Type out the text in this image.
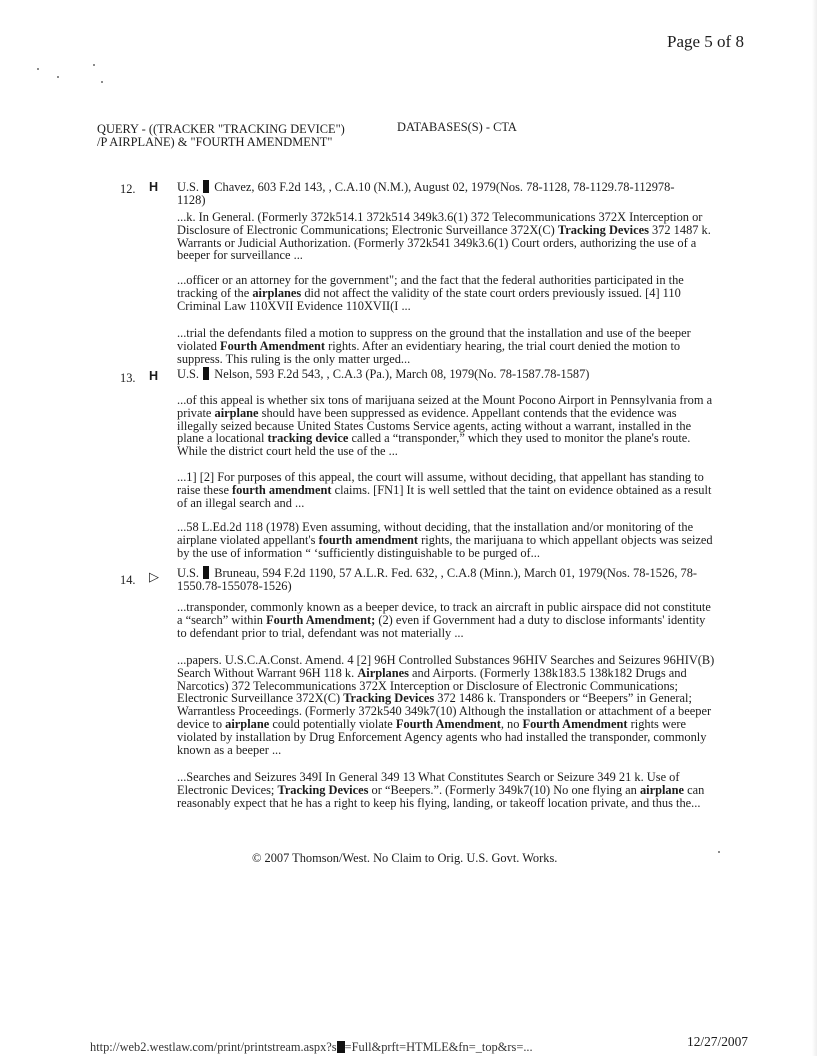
Page 5 of 8
QUERY - ((TRACKER "TRACKING DEVICE") /P AIRPLANE) & "FOURTH AMENDMENT"
DATABASES(S) - CTA
12. H U.S. Chavez, 603 F.2d 143, , C.A.10 (N.M.), August 02, 1979(Nos. 78-1128, 78-1129.78-112978-1128)
...k. In General. (Formerly 372k514.1 372k514 349k3.6(1) 372 Telecommunications 372X Interception or Disclosure of Electronic Communications; Electronic Surveillance 372X(C) Tracking Devices 372 1487 k. Warrants or Judicial Authorization. (Formerly 372k541 349k3.6(1) Court orders, authorizing the use of a beeper for surveillance ...
...officer or an attorney for the government"; and the fact that the federal authorities participated in the tracking of the airplanes did not affect the validity of the state court orders previously issued. [4] 110 Criminal Law 110XVII Evidence 110XVII(I ...
...trial the defendants filed a motion to suppress on the ground that the installation and use of the beeper violated Fourth Amendment rights. After an evidentiary hearing, the trial court denied the motion to suppress. This ruling is the only matter urged...
13. H U.S. Nelson, 593 F.2d 543, , C.A.3 (Pa.), March 08, 1979(No. 78-1587.78-1587)
...of this appeal is whether six tons of marijuana seized at the Mount Pocono Airport in Pennsylvania from a private airplane should have been suppressed as evidence. Appellant contends that the evidence was illegally seized because United States Customs Service agents, acting without a warrant, installed in the plane a locational tracking device called a “transponder,” which they used to monitor the plane's route. While the district court held the use of the ...
...1] [2] For purposes of this appeal, the court will assume, without deciding, that appellant has standing to raise these fourth amendment claims. [FN1] It is well settled that the taint on evidence obtained as a result of an illegal search and ...
...58 L.Ed.2d 118 (1978) Even assuming, without deciding, that the installation and/or monitoring of the airplane violated appellant's fourth amendment rights, the marijuana to which appellant objects was seized by the use of information “ ‘sufficiently distinguishable to be purged of...
14. ▷ U.S. Bruneau, 594 F.2d 1190, 57 A.L.R. Fed. 632, , C.A.8 (Minn.), March 01, 1979(Nos. 78-1526, 78-1550.78-155078-1526)
...transponder, commonly known as a beeper device, to track an aircraft in public airspace did not constitute a “search” within Fourth Amendment; (2) even if Government had a duty to disclose informants' identity to defendant prior to trial, defendant was not materially ...
...papers. U.S.C.A.Const. Amend. 4 [2] 96H Controlled Substances 96HIV Searches and Seizures 96HIV(B) Search Without Warrant 96H 118 k. Airplanes and Airports. (Formerly 138k183.5 138k182 Drugs and Narcotics) 372 Telecommunications 372X Interception or Disclosure of Electronic Communications; Electronic Surveillance 372X(C) Tracking Devices 372 1486 k. Transponders or “Beepers” in General; Warrantless Proceedings. (Formerly 372k540 349k7(10) Although the installation or attachment of a beeper device to airplane could potentially violate Fourth Amendment, no Fourth Amendment rights were violated by installation by Drug Enforcement Agency agents who had installed the transponder, commonly known as a beeper ...
...Searches and Seizures 349I In General 349 13 What Constitutes Search or Seizure 349 21 k. Use of Electronic Devices; Tracking Devices or “Beepers.”. (Formerly 349k7(10) No one flying an airplane can reasonably expect that he has a right to keep his flying, landing, or takeoff location private, and thus the...
© 2007 Thomson/West. No Claim to Orig. U.S. Govt. Works.
http://web2.westlaw.com/print/printstream.aspx?s =Full&prft=HTMLE&fn=_top&rs=...	12/27/2007
